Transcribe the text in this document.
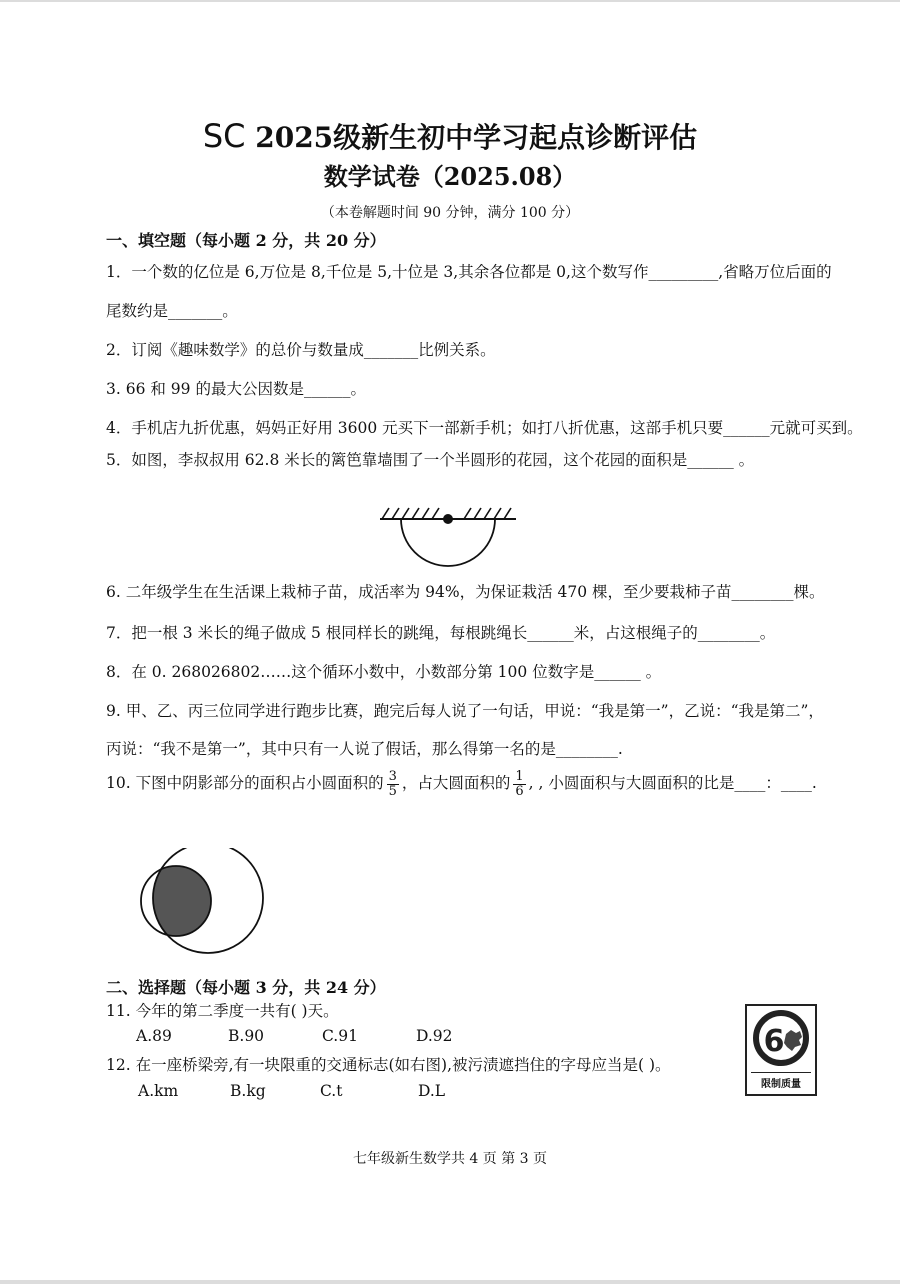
SC 2025级新生初中学习起点诊断评估
数学试卷（2025.08）
（本卷解题时间 90 分钟，满分 100 分）
一、填空题（每小题 2 分，共 20 分）
1．一个数的亿位是 6,万位是 8,千位是 5,十位是 3,其余各位都是 0,这个数写作_________,省略万位后面的
尾数约是_______。
2．订阅《趣味数学》的总价与数量成_______比例关系。
3. 66 和 99 的最大公因数是______。
4．手机店九折优惠，妈妈正好用 3600 元买下一部新手机；如打八折优惠，这部手机只要______元就可买到。
5．如图，李叔叔用 62.8 米长的篱笆靠墙围了一个半圆形的花园，这个花园的面积是______ 。
6. 二年级学生在生活课上栽柿子苗，成活率为 94%，为保证栽活 470 棵，至少要栽柿子苗________棵。
7．把一根 3 米长的绳子做成 5 根同样长的跳绳，每根跳绳长______米，占这根绳子的________。
8．在 0. 268026802……这个循环小数中，小数部分第 100 位数字是______ 。
9. 甲、乙、丙三位同学进行跑步比赛，跑完后每人说了一句话，甲说：“我是第一”，乙说：“我是第二”，
丙说：“我不是第一”，其中只有一人说了假话，那么得第一名的是________.
10. 下图中阴影部分的面积占小圆面积的 $\frac{3}{5}$ ，占大圆面积的 $\frac{1}{6}$ , , 小圆面积与大圆面积的比是____：____.
二、选择题（每小题 3 分，共 24 分）
11. 今年的第二季度一共有( )天。
A.89	B.90	C.91	D.92
12. 在一座桥梁旁,有一块限重的交通标志(如右图),被污渍遮挡住的字母应当是( )。
A.km	B.kg	C.t	D.L
6
限制质量
七年级新生数学共 4 页 第 3 页
